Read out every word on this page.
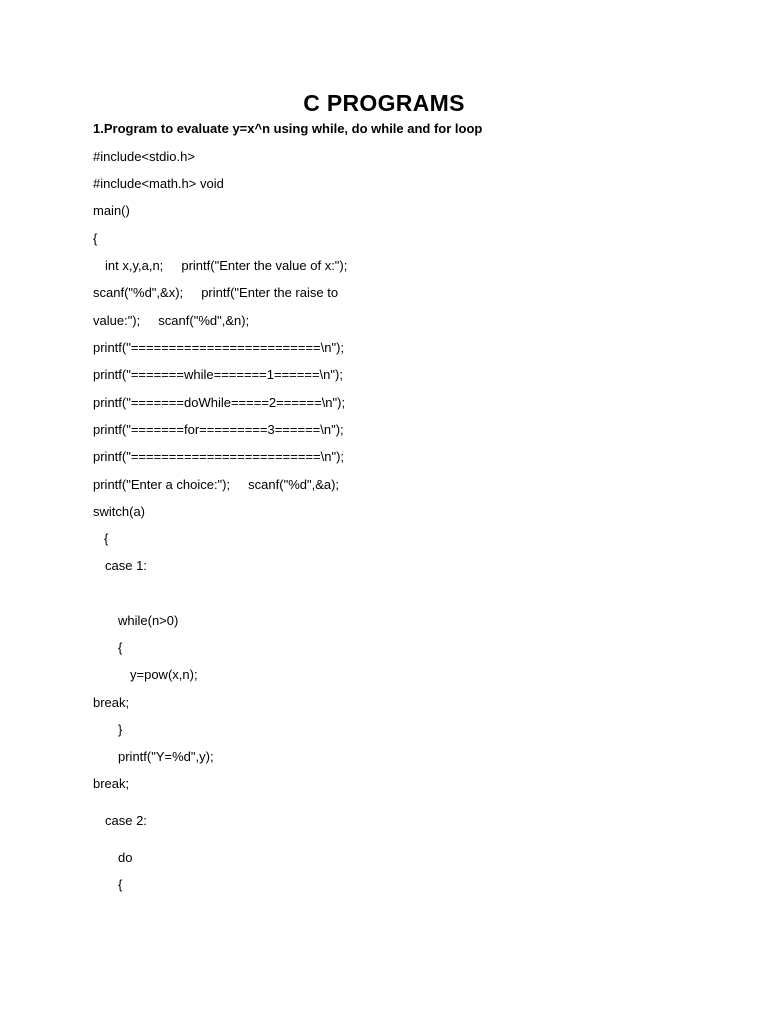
C PROGRAMS
1.Program to evaluate y=x^n using while, do while and for loop
#include<stdio.h>
#include<math.h> void
main()
{
int x,y,a,n;     printf("Enter the value of x:");
scanf("%d",&x);     printf("Enter the raise to
value:");     scanf("%d",&n);
printf("=========================\n");
printf("=======while=======1======\n");
printf("=======doWhile=====2======\n");
printf("=======for=========3======\n");
printf("=========================\n");
printf("Enter a choice:");     scanf("%d",&a);
switch(a)
{
case 1:
while(n>0)
{
y=pow(x,n);
break;
}
printf("Y=%d",y);
break;
case 2:
do
{
